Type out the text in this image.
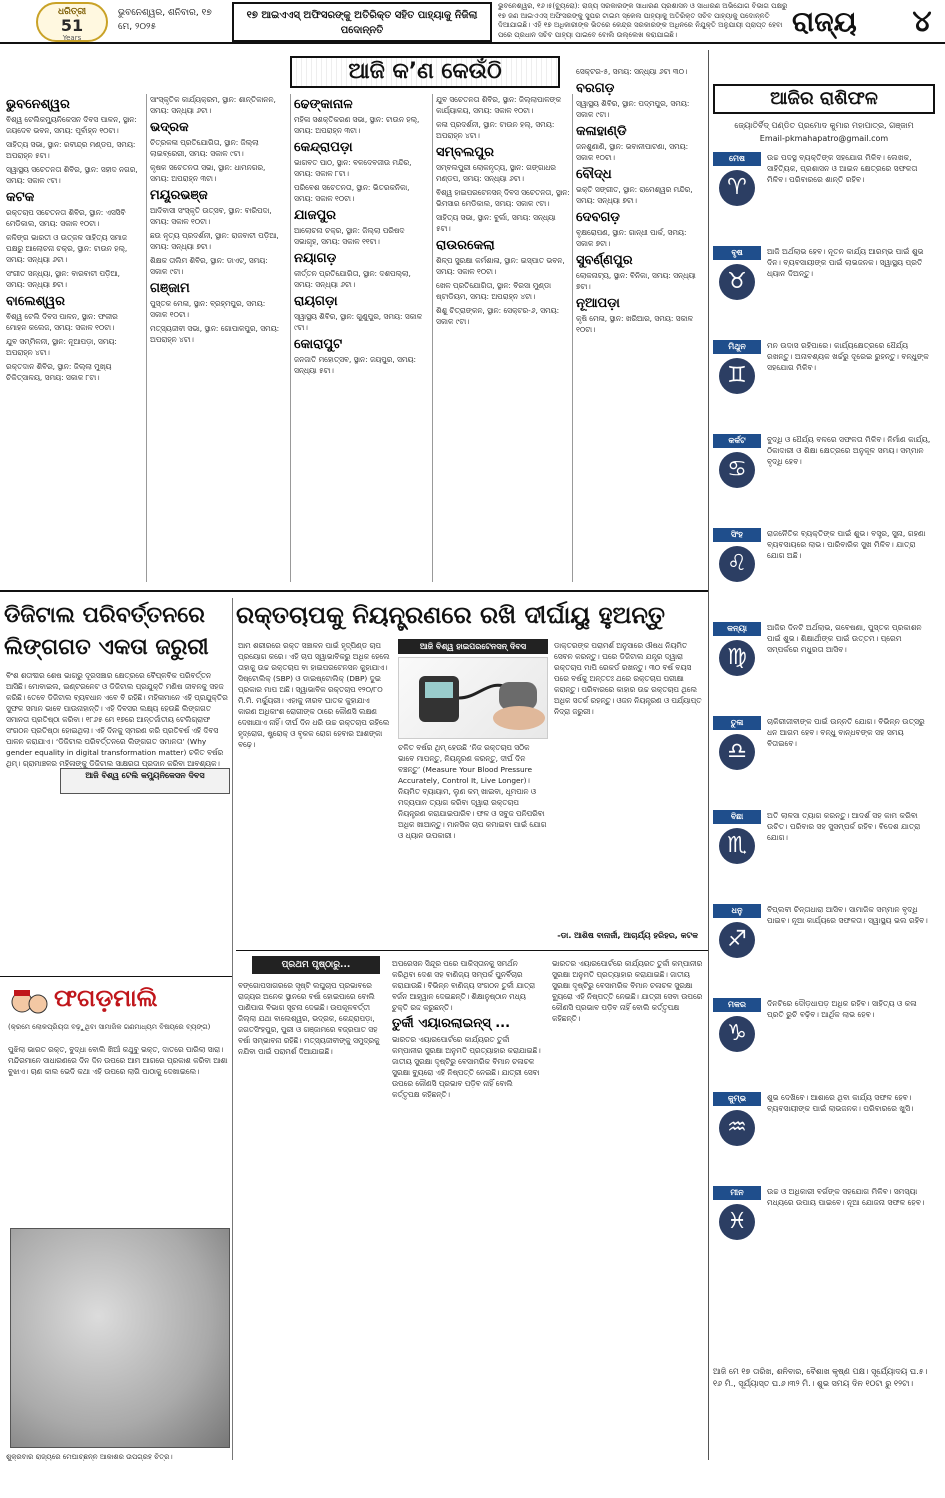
ଧରିତ୍ରୀ
51
Years
ଭୁବନେଶ୍ୱର, ଶନିବାର, ୧୭ ମେ, ୨୦୨୫
୧୭ ଆଇଏଏସ୍‌ ଅଫିସରଙ୍କୁ ଅତିରିକ୍ତ ସହିତ ପାହ୍ୟାକୁ ନିଜିଲା ପଦୋନ୍ନତି
ଭୁବନେଶ୍ୱର, ୧୬।୫(ବ୍ୟୁରୋ): ରାଜ୍ୟ ସରକାରଙ୍କ ସାଧାରଣ ପ୍ରଶାସନ ଓ ସାଧାରଣ ଅଭିଯୋଗ ବିଭାଗ ପକ୍ଷରୁ ୧୭ ଜଣ ଆଇଏଏସ୍‌ ଅଫିସରଙ୍କୁ ସୁପର ଟାଇମ ସ୍କେଲ ପାହ୍ୟାକୁ ଅତିରିକ୍ତ ସଚିବ ପାହ୍ୟାକୁ ପଦୋନ୍ନତି ଦିଆଯାଇଛି। ଏହି ୧୭ ଅଧିକାରୀଙ୍କ ଭିତରେ କେନ୍ଦ୍ର ସରକାରଙ୍କ ଅଧିନରେ ନିଯୁକ୍ତି ଅନୁଯାୟୀ ପ୍ରାପ୍ତ ହେବା ପରେ ପ୍ରଧାନ ସଚିବ ପାହ୍ୟା ପାଇବେ ବୋଲି ଉଲ୍ଲେଖ କରାଯାଇଛି।	ରାଜ୍ୟ	୪
ଆଜି କ’ଣ କେଉଁଠି
ଭୁବନେଶ୍ୱର
ଵିଶ୍ୱ ଟେଲିକମ୍ୟୁନିକେସନ ଦିବସ ପାଳନ, ସ୍ଥାନ: ଜୟଦେବ ଭବନ, ସମୟ: ପୂର୍ବାହ୍ନ ୧୦ଟା।
ସାହିତ୍ୟ ସଭା, ସ୍ଥାନ: ରବୀନ୍ଦ୍ର ମଣ୍ଡପ, ସମୟ: ଅପରାହ୍ନ ୫ଟା।
ସ୍ୱାସ୍ଥ୍ୟ ସଚେତନତା ଶିବିର, ସ୍ଥାନ: ସହୀଦ ନଗର, ସମୟ: ସକାଳ ୯ଟା।
କଟକ
ରକ୍ତଚାପ ସଚେତନତା ଶିବିର, ସ୍ଥାନ: ଏସସିବି ମେଡିକାଲ, ସମୟ: ସକାଳ ୧୦ଟା।
କଳିଙ୍ଗ ଭାରତୀ ଓ ଉତ୍କଳ ସାହିତ୍ୟ ସମାଜ ପକ୍ଷରୁ ଆଲୋଚନା ଚକ୍ର, ସ୍ଥାନ: ଟାଉନ ହଲ୍‌, ସମୟ: ସନ୍ଧ୍ୟା ୬ଟା।
ସଂଗୀତ ସନ୍ଧ୍ୟା, ସ୍ଥାନ: ବାରବାଟୀ ପଡ଼ିଆ, ସମୟ: ସନ୍ଧ୍ୟା ୭ଟା।
ବାଲେଶ୍ୱର
ଵିଶ୍ୱ ଟେଲି ଦିବସ ପାଳନ, ସ୍ଥାନ: ଫକୀର ମୋହନ କଲେଜ, ସମୟ: ସକାଳ ୧୦ଟା।
ଯୁବ ସମ୍ମିଳନୀ, ସ୍ଥାନ: ନୂଆପଡ଼ା, ସମୟ: ଅପରାହ୍ନ ୪ଟା।
ରକ୍ତଦାନ ଶିବିର, ସ୍ଥାନ: ଜିଲ୍ଲା ମୁଖ୍ୟ ଚିକିତ୍ସାଳୟ, ସମୟ: ସକାଳ ୮ଟା।
ସାଂସ୍କୃତିକ କାର୍ଯ୍ୟକ୍ରମ, ସ୍ଥାନ: ଶାନ୍ତିକାନନ, ସମୟ: ସନ୍ଧ୍ୟା ୬ଟା।
ଭଦ୍ରକ
ଚିତ୍ରକଳା ପ୍ରତିଯୋଗିତା, ସ୍ଥାନ: ଜିଲ୍ଲା ଲାଇବ୍ରେରୀ, ସମୟ: ସକାଳ ୯ଟା।
କୃଷକ ସଚେତନତା ସଭା, ସ୍ଥାନ: ଧାମନଗର, ସମୟ: ଅପରାହ୍ନ ୩ଟା।
ମୟୂରଭଞ୍ଜ
ଆଦିବାସୀ ସଂସ୍କୃତି ଉତ୍ସବ, ସ୍ଥାନ: ବାରିପଦା, ସମୟ: ସକାଳ ୧୦ଟା।
ଛଉ ନୃତ୍ୟ ପ୍ରଦର୍ଶନୀ, ସ୍ଥାନ: ରାଜବାଟୀ ପଡ଼ିଆ, ସମୟ: ସନ୍ଧ୍ୟା ୭ଟା।
ଶିକ୍ଷକ ତାଲିମ ଶିବିର, ସ୍ଥାନ: ଡାଏଟ୍‌, ସମୟ: ସକାଳ ୯ଟା।
ଗଞ୍ଜାମ
ପୁସ୍ତକ ମେଳା, ସ୍ଥାନ: ବ୍ରହ୍ମପୁର, ସମୟ: ସକାଳ ୧୦ଟା।
ମତ୍ସ୍ୟଜୀବୀ ସଭା, ସ୍ଥାନ: ଗୋପାଳପୁର, ସମୟ: ଅପରାହ୍ନ ୪ଟା।
ଢେଙ୍କାନାଳ
ମହିଳା ସଶକ୍ତିକରଣ ସଭା, ସ୍ଥାନ: ଟାଉନ ହଲ୍‌, ସମୟ: ଅପରାହ୍ନ ୩ଟା।
କେନ୍ଦ୍ରାପଡ଼ା
ଭାଗବତ ପାଠ, ସ୍ଥାନ: ବଳଦେବଜୀଉ ମନ୍ଦିର, ସମୟ: ସକାଳ ୮ଟା।
ପରିବେଶ ସଚେତନତା, ସ୍ଥାନ: ଭିତରକନିକା, ସମୟ: ସକାଳ ୧୦ଟା।
ଯାଜପୁର
ଆଲୋଚନା ଚକ୍ର, ସ୍ଥାନ: ଜିଲ୍ଲା ପରିଷଦ ସଭାଗୃହ, ସମୟ: ସକାଳ ୧୧ଟା।
ନୟାଗଡ଼
କୀର୍ତ୍ତନ ପ୍ରତିଯୋଗିତା, ସ୍ଥାନ: ଦଶପଲ୍ଲା, ସମୟ: ସନ୍ଧ୍ୟା ୬ଟା।
ରାୟଗଡ଼ା
ସ୍ୱାସ୍ଥ୍ୟ ଶିବିର, ସ୍ଥାନ: ଗୁଣୁପୁର, ସମୟ: ସକାଳ ୯ଟା।
କୋରାପୁଟ
ଜନଜାତି ମହୋତ୍ସବ, ସ୍ଥାନ: ଜୟପୁର, ସମୟ: ସନ୍ଧ୍ୟା ୫ଟା।
ଯୁବ ସଚେତନତା ଶିବିର, ସ୍ଥାନ: ଜିଲ୍ଲାପାଳଙ୍କ କାର୍ଯ୍ୟାଳୟ, ସମୟ: ସକାଳ ୧୦ଟା।
କଳା ପ୍ରଦର୍ଶନୀ, ସ୍ଥାନ: ଟାଉନ ହଲ୍‌, ସମୟ: ଅପରାହ୍ନ ୪ଟା।
ସମ୍ବଲପୁର
ସମ୍ବଲପୁରୀ ଲୋକନୃତ୍ୟ, ସ୍ଥାନ: ଗଙ୍ଗାଧର ମଣ୍ଡପ, ସମୟ: ସନ୍ଧ୍ୟା ୬ଟା।
ଵିଶ୍ୱ ହାଇପରଟେନସନ୍ ଦିବସ ସଚେତନତା, ସ୍ଥାନ: ଭିମସାର ମେଡିକାଲ, ସମୟ: ସକାଳ ୯ଟା।
ସାହିତ୍ୟ ସଭା, ସ୍ଥାନ: ବୁର୍ଲା, ସମୟ: ସନ୍ଧ୍ୟା ୫ଟା।
ରାଉରକେଲା
ଶିଳ୍ପ ସୁରକ୍ଷା କର୍ମଶାଳା, ସ୍ଥାନ: ଇସ୍ପାତ ଭବନ, ସମୟ: ସକାଳ ୧୦ଟା।
ଖେଳ ପ୍ରତିଯୋଗିତା, ସ୍ଥାନ: ବିରସା ମୁଣ୍ଡା ଷ୍ଟାଡିୟମ, ସମୟ: ଅପରାହ୍ନ ୪ଟା।
ଶିଶୁ ଚିତ୍ରାଙ୍କନ, ସ୍ଥାନ: ସେକ୍ଟର-୬, ସମୟ: ସକାଳ ୯ଟା।
ସେକ୍ଟର-୫, ସମୟ: ସନ୍ଧ୍ୟା ୬ଟା ୩୦।
ବରଗଡ଼
ସ୍ୱାସ୍ଥ୍ୟ ଶିବିର, ସ୍ଥାନ: ପଦ୍ମପୁର, ସମୟ: ସକାଳ ୯ଟା।
କଳାହାଣ୍ଡି
ଜନଶୁଣାଣି, ସ୍ଥାନ: ଭବାନୀପାଟଣା, ସମୟ: ସକାଳ ୧୦ଟା।
ବୌଦ୍ଧ
ଭକ୍ତି ସଙ୍ଗୀତ, ସ୍ଥାନ: ରାମେଶ୍ୱର ମନ୍ଦିର, ସମୟ: ସନ୍ଧ୍ୟା ୭ଟା।
ଦେବଗଡ଼
ବୃକ୍ଷରୋପଣ, ସ୍ଥାନ: ଗାନ୍ଧୀ ପାର୍କ, ସମୟ: ସକାଳ ୭ଟା।
ସୁବର୍ଣ୍ଣପୁର
ଲୋକନାଟ୍ୟ, ସ୍ଥାନ: ବିନିକା, ସମୟ: ସନ୍ଧ୍ୟା ୭ଟା।
ନୂଆପଡ଼ା
କୃଷି ମେଳା, ସ୍ଥାନ: ଖରିଆର, ସମୟ: ସକାଳ ୧୦ଟା।
ଆଜିର ରାଶିଫଳ
ଜ୍ୟୋତିର୍ବିଦ୍ ପଣ୍ଡିତ ପ୍ରମୋଦ କୁମାର ମହାପାତ୍ର, ଗଞ୍ଜାମ
Email-pkmahapatro@gmail.com
ମେଷ
♈
ଉଚ୍ଚ ପଦସ୍ଥ ବ୍ୟକ୍ତିଙ୍କ ସହଯୋଗ ମିଳିବ। ଲେଖକ, ସାହିତ୍ୟିକ, ପ୍ରଶାସନ ଓ ଆଇନ କ୍ଷେତ୍ରରେ ସଫଳତା ମିଳିବ। ପରିବାରରେ ଶାନ୍ତି ରହିବ।
ବୃଷ
♉
ଆଜି ଅର୍ଥଲାଭ ହେବ। ନୂତନ କାର୍ଯ୍ୟ ଆରମ୍ଭ ପାଇଁ ଶୁଭ ଦିନ। ବ୍ୟବସାୟୀଙ୍କ ପାଇଁ ଲାଭଜନକ। ସ୍ୱାସ୍ଥ୍ୟ ପ୍ରତି ଧ୍ୟାନ ଦିଅନ୍ତୁ।
ମିଥୁନ
♊
ମନ ଉଦାସ ରହିପାରେ। କାର୍ଯ୍ୟକ୍ଷେତ୍ରରେ ଧୈର୍ଯ୍ୟ ରଖନ୍ତୁ। ଅନାବଶ୍ୟକ ଖର୍ଚ୍ଚରୁ ଦୂରେଇ ରୁହନ୍ତୁ। ବନ୍ଧୁଙ୍କ ସହଯୋଗ ମିଳିବ।
କର୍କଟ
♋
ବୁଦ୍ଧି ଓ ଧୈର୍ଯ୍ୟ ବଳରେ ସଫଳତା ମିଳିବ। ନିର୍ମାଣ କାର୍ଯ୍ୟ, ଠିକାଦାରୀ ଓ ଶିକ୍ଷା କ୍ଷେତ୍ରରେ ଅନୁକୂଳ ସମୟ। ସମ୍ମାନ ବୃଦ୍ଧି ହେବ।
ସିଂହ
♌
ରାଜନୈତିକ ବ୍ୟକ୍ତିଙ୍କ ପାଇଁ ଶୁଭ। ବସ୍ତ୍ର, ସୁନା, ଗହଣା ବ୍ୟବସାୟରେ ଲାଭ। ପାରିବାରିକ ସୁଖ ମିଳିବ। ଯାତ୍ରା ଯୋଗ ଅଛି।
କନ୍ୟା
♍
ଆଜିର ଦିନଟି ଅର୍ଥଲାଭ, ଗବେଷଣା, ପୁସ୍ତକ ପ୍ରକାଶନ ପାଇଁ ଶୁଭ। ଶିକ୍ଷାର୍ଥୀଙ୍କ ପାଇଁ ଉତ୍ତମ। ପ୍ରେମ ସମ୍ପର୍କରେ ମଧୁରତା ଆସିବ।
ତୁଳା
♎
ଚାକିରୀଜୀବୀଙ୍କ ପାଇଁ ଉନ୍ନତି ଯୋଗ। ବିଭିନ୍ନ ଉତ୍ସରୁ ଧନ ଆଗମ ହେବ। ବନ୍ଧୁ ବାନ୍ଧବଙ୍କ ସହ ସମୟ ବିତାଇବେ।
ବିଛା
♏
ଅତି ଲାଳସା ତ୍ୟାଗ କରନ୍ତୁ। ଆଦର୍ଶ ସହ କାମ କରିବା ଉଚିତ। ପରିବାର ସହ ସୁସମ୍ପର୍କ ରହିବ। ବିଦେଶ ଯାତ୍ରା ଯୋଗ।
ଧନୁ
♐
ବିପ୍ଲବୀ ଚିନ୍ତାଧାରା ଆସିବ। ସାମାଜିକ ସମ୍ମାନ ବୃଦ୍ଧି ପାଇବ। ନୂଆ କାର୍ଯ୍ୟରେ ସଫଳତା। ସ୍ୱାସ୍ଥ୍ୟ ଭଲ ରହିବ।
ମକର
♑
ଦିନଟିରେ ଦୌଡ଼ଧାପଡ଼ ଅଧିକ ରହିବ। ସାହିତ୍ୟ ଓ କଳା ପ୍ରତି ରୁଚି ବଢ଼ିବ। ଆର୍ଥିକ ଲାଭ ହେବ।
କୁମ୍ଭ
♒
ଶୁଭ ଦେଖିବେ। ଆଶାରେ ଥିବା କାର୍ଯ୍ୟ ସଫଳ ହେବ। ବ୍ୟବସାୟୀଙ୍କ ପାଇଁ ଲାଭଜନକ। ପରିବାରରେ ଖୁସି।
ମୀନ
♓
ଉଚ୍ଚ ଓ ଅଧିକାରୀ ବର୍ଗଙ୍କ ସହଯୋଗ ମିଳିବ। ସମସ୍ୟା ମଧ୍ୟରେ ଉପାୟ ପାଇବେ। ନୂଆ ଯୋଜନା ସଫଳ ହେବ।
ଆଜି ମେ ୧୭ ତାରିଖ, ଶନିବାର, ବୈଶାଖ କୃଷ୍ଣ ପକ୍ଷ। ସୂର୍ଯ୍ୟୋଦୟ ଘ.୫।୧୬ ମି., ସୂର୍ଯ୍ୟାସ୍ତ ଘ.୬।୩୨ ମି.। ଶୁଭ ସମୟ ଦିନ ୧୦ଟା ରୁ ୧୨ଟା।
ଡିଜିଟାଲ ପରିବର୍ତ୍ତନରେ ଲିଙ୍ଗଗତ ଏକତା ଜରୁରୀ
ଆଜି ବିଶ୍ୱ ଟେଲି କମ୍ୟୁନିକେସନ ଦିବସ
ବିଂଶ ଶତାବ୍ଦୀର ଶେଷ ଭାଗରୁ ଦୂରସଞ୍ଚାର କ୍ଷେତ୍ରରେ ବୈପ୍ଳବିକ ପରିବର୍ତ୍ତନ ଆସିଛି। ମୋବାଇଲ, ଇଣ୍ଟରନେଟ ଓ ଡିଜିଟାଲ ପ୍ରଯୁକ୍ତି ମଣିଷ ଜୀବନକୁ ସହଜ କରିଛି। ତେବେ ଡିଜିଟାଲ ବ୍ୟବଧାନ ଏବେ ବି ରହିଛି। ମହିଳାମାନେ ଏହି ପ୍ରଯୁକ୍ତିର ସୁଫଳ ସମାନ ଭାବେ ପାଉନାହାନ୍ତି। ଏହି ଦିବସର ଲକ୍ଷ୍ୟ ହେଉଛି ଲିଙ୍ଗଗତ ସମାନତା ପ୍ରତିଷ୍ଠା କରିବା। ୧୮୬୫ ମେ ୧୭ରେ ଆନ୍ତର୍ଜାତୀୟ ଟେଲିଗ୍ରାଫ ସଂଗଠନ ପ୍ରତିଷ୍ଠା ହୋଇଥିଲା। ଏହି ଦିନକୁ ସ୍ମରଣ କରି ପ୍ରତିବର୍ଷ ଏହି ଦିବସ ପାଳନ କରାଯାଏ। ‘ଡିଜିଟାଲ ପରିବର୍ତ୍ତନରେ ଲିଙ୍ଗଗତ ସମାନତା’ (Why gender equality in digital transformation matter) ଚଳିତ ବର୍ଷର ଥିମ୍‌। ଗ୍ରାମାଞ୍ଚଳର ମହିଳାଙ୍କୁ ଡିଜିଟାଲ ସାକ୍ଷରତା ପ୍ରଦାନ କରିବା ଆବଶ୍ୟକ।
ରକ୍ତଚାପକୁ ନିୟନ୍ତ୍ରଣରେ ରଖି ଦୀର୍ଘାୟୁ ହୁଅନ୍ତୁ
ଆମ ଶରୀରରେ ରକ୍ତ ସଞ୍ଚାଳନ ପାଇଁ ହୃଦ୍‌ପିଣ୍ଡ ଚାପ ପ୍ରୟୋଗ କରେ। ଏହି ଚାପ ସ୍ୱାଭାବିକରୁ ଅଧିକ ହେଲେ ତାହାକୁ ଉଚ୍ଚ ରକ୍ତଚାପ ବା ହାଇପରଟେନସନ କୁହାଯାଏ। ସିଷ୍ଟୋଲିକ୍ (SBP) ଓ ଡାଇଷ୍ଟୋଲିକ୍ (DBP) ଦୁଇ ପ୍ରକାର ମାପ ଅଛି। ସ୍ୱାଭାବିକ ରକ୍ତଚାପ ୧୨୦/୮୦ ମି.ମି. ମର୍କ୍ୟୁରୀ। ଏହାକୁ ନୀରବ ଘାତକ କୁହାଯାଏ କାରଣ ଅଧିକାଂଶ ରୋଗୀଙ୍କ ଠାରେ କୌଣସି ଲକ୍ଷଣ ଦେଖାଯାଏ ନାହିଁ। ଦୀର୍ଘ ଦିନ ଧରି ଉଚ୍ଚ ରକ୍ତଚାପ ରହିଲେ ହୃଦ୍‌ରୋଗ, ଷ୍ଟ୍ରୋକ୍ ଓ ବୃକକ ରୋଗ ହେବାର ଆଶଙ୍କା ବଢ଼େ।
ଆଜି ବିଶ୍ୱ ହାଇପରଟେନସନ୍ ଦିବସ
ଚଳିତ ବର୍ଷର ଥିମ୍‌ ହେଉଛି ‘ନିଜ ରକ୍ତଚାପ ସଠିକ ଭାବେ ମାପନ୍ତୁ, ନିୟନ୍ତ୍ରଣ କରନ୍ତୁ, ଦୀର୍ଘ ଦିନ ବଞ୍ଚନ୍ତୁ’ (Measure Your Blood Pressure Accurately, Control It, Live Longer)। ନିୟମିତ ବ୍ୟାୟାମ, ଲୁଣ କମ୍ ଖାଇବା, ଧୂମପାନ ଓ ମଦ୍ୟପାନ ତ୍ୟାଗ କରିବା ଦ୍ୱାରା ରକ୍ତଚାପ ନିୟନ୍ତ୍ରଣ କରାଯାଇପାରିବ। ଫଳ ଓ ସବୁଜ ପନିପରିବା ଅଧିକ ଖାଆନ୍ତୁ। ମାନସିକ ଚାପ କମାଇବା ପାଇଁ ଯୋଗ ଓ ଧ୍ୟାନ ଉପକାରୀ।
ଡାକ୍ତରଙ୍କ ପରାମର୍ଶ ଅନୁସାରେ ଔଷଧ ନିୟମିତ ସେବନ କରନ୍ତୁ। ଘରେ ଡିଜିଟାଲ ଯନ୍ତ୍ର ଦ୍ୱାରା ରକ୍ତଚାପ ମାପି ରେକର୍ଡ ରଖନ୍ତୁ। ୩୦ ବର୍ଷ ବୟସ ପରେ ବର୍ଷକୁ ଅନ୍ତତଃ ଥରେ ରକ୍ତଚାପ ପରୀକ୍ଷା କରାନ୍ତୁ। ପରିବାରରେ କାହାର ଉଚ୍ଚ ରକ୍ତଚାପ ଥିଲେ ଅଧିକ ସତର୍କ ରହନ୍ତୁ। ଓଜନ ନିୟନ୍ତ୍ରଣ ଓ ପର୍ଯ୍ୟାପ୍ତ ନିଦ୍ରା ଜରୁରୀ।
-ଡା. ଆଶିଷ ବାନାର୍ଜୀ, ଆଚାର୍ଯ୍ୟ ହରିହର, କଟକ
ପ୍ରଥମ ପୃଷ୍ଠାରୁ...
ବଙ୍ଗୋପସାଗରରେ ସୃଷ୍ଟି ଲଘୁଚାପ ପ୍ରଭାବରେ ରାଜ୍ୟର ଅନେକ ସ୍ଥାନରେ ବର୍ଷା ହୋଇପାରେ ବୋଲି ପାଣିପାଗ ବିଭାଗ ସୂଚନା ଦେଇଛି। ଉପକୂଳବର୍ତ୍ତୀ ଜିଲ୍ଲା ଯଥା ବାଲେଶ୍ୱର, ଭଦ୍ରକ, କେନ୍ଦ୍ରାପଡ଼ା, ଜଗତସିଂହପୁର, ପୁରୀ ଓ ଗଞ୍ଜାମରେ ବଜ୍ରପାତ ସହ ବର୍ଷା ସମ୍ଭାବନା ରହିଛି। ମତ୍ସ୍ୟଜୀବୀଙ୍କୁ ସମୁଦ୍ରକୁ ନଯିବା ପାଇଁ ପରାମର୍ଶ ଦିଆଯାଇଛି।
ଅପରେସନ ସିନ୍ଦୂର ପରେ ପାକିସ୍ତାନକୁ ସମର୍ଥନ କରିଥିବା ଦେଶ ସହ ବାଣିଜ୍ୟ ସମ୍ପର୍କ ପୁନର୍ବିଚାର କରାଯାଉଛି। ବିଭିନ୍ନ ବାଣିଜ୍ୟ ସଂଗଠନ ତୁର୍କୀ ଯାତ୍ରା ବର୍ଜନ ଆହ୍ୱାନ ଦେଇଛନ୍ତି। ଶିକ୍ଷାନୁଷ୍ଠାନ ମଧ୍ୟ ଚୁକ୍ତି ରଦ୍ଦ କରୁଛନ୍ତି।
ତୁର୍କୀ ଏୟାରଲାଇନ୍ସ୍ ...
ଭାରତର ଏୟାରପୋର୍ଟରେ କାର୍ଯ୍ୟରତ ତୁର୍କୀ କମ୍ପାନୀର ସୁରକ୍ଷା ଅନୁମତି ପ୍ରତ୍ୟାହାର କରାଯାଇଛି। ଜାତୀୟ ସୁରକ୍ଷା ଦୃଷ୍ଟିରୁ ବେସାମରିକ ବିମାନ ଚଳାଚଳ ସୁରକ୍ଷା ବ୍ୟୁରୋ ଏହି ନିଷ୍ପତ୍ତି ନେଇଛି। ଯାତ୍ରୀ ସେବା ଉପରେ କୌଣସି ପ୍ରଭାବ ପଡ଼ିବ ନାହିଁ ବୋଲି କର୍ତ୍ତୃପକ୍ଷ କହିଛନ୍ତି।
ଭାରତର ଏୟାରପୋର୍ଟରେ କାର୍ଯ୍ୟରତ ତୁର୍କୀ କମ୍ପାନୀର ସୁରକ୍ଷା ଅନୁମତି ପ୍ରତ୍ୟାହାର କରାଯାଇଛି। ଜାତୀୟ ସୁରକ୍ଷା ଦୃଷ୍ଟିରୁ ବେସାମରିକ ବିମାନ ଚଳାଚଳ ସୁରକ୍ଷା ବ୍ୟୁରୋ ଏହି ନିଷ୍ପତ୍ତି ନେଇଛି। ଯାତ୍ରୀ ସେବା ଉପରେ କୌଣସି ପ୍ରଭାବ ପଡ଼ିବ ନାହିଁ ବୋଲି କର୍ତ୍ତୃପକ୍ଷ କହିଛନ୍ତି।
ଫଗଡ଼ମାଲି
(କ୍ରମେ ଲୋକପ୍ରିୟତା ବଢ଼ୁଥିବା ସାମାଜିକ ଗଣମାଧ୍ୟମ ବିଷୟରେ ବ୍ୟଙ୍ଗ)
ପୁଝିଲା ଭାରତ ରକ୍ତ, ବୁଦ୍ଧା ବୋଲି ଖିଆଁ କଥୁବୁ ଭକ୍ତ, ଦାତରେ ପାରିଲା ସାରା। ମନ୍ଦିରମାନେ ସାଧାରଣରେ ଦିନ ଦିନ ଉପରେ ଆମ ଆଗରେ ପ୍ରକାଶ କରିବା ଆଶା ବୁଝାଏ। ଚାଣ କାଲ ଭେଦି କଥା ଏହି ଉପରେ ଲାଗି ପାଠାକୁ ଦେଖାଇଲେ।
ଶୁକ୍ରବାର ରାଜ୍ୟରେ ମେଘାଚ୍ଛନ୍ନ ଆକାଶର ଉପଗ୍ରହ ଚିତ୍ର।
